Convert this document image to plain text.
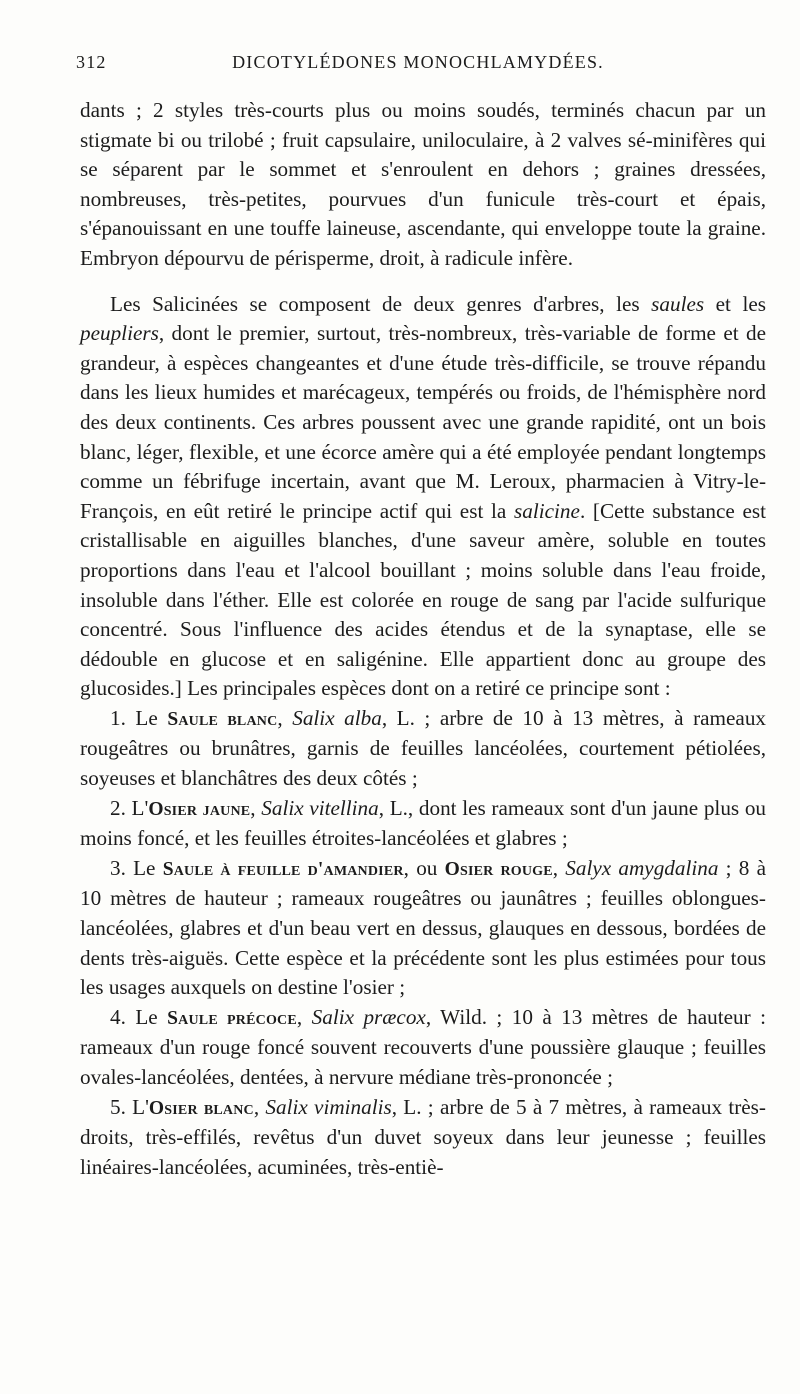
312	DICOTYLÉDONES MONOCHLAMYDÉES.

dants ; 2 styles très-courts plus ou moins soudés, terminés chacun par un stigmate bi ou trilobé ; fruit capsulaire, uniloculaire, à 2 valves sé-minifères qui se séparent par le sommet et s'enroulent en dehors ; graines dressées, nombreuses, très-petites, pourvues d'un funicule très-court et épais, s'épanouissant en une touffe laineuse, ascendante, qui enveloppe toute la graine. Embryon dépourvu de périsperme, droit, à radicule infère.

Les Salicinées se composent de deux genres d'arbres, les saules et les peupliers, dont le premier, surtout, très-nombreux, très-variable de forme et de grandeur, à espèces changeantes et d'une étude très-difficile, se trouve répandu dans les lieux humides et marécageux, tempérés ou froids, de l'hémisphère nord des deux continents. Ces arbres poussent avec une grande rapidité, ont un bois blanc, léger, flexible, et une écorce amère qui a été employée pendant longtemps comme un fébrifuge incertain, avant que M. Leroux, pharmacien à Vitry-le-François, en eût retiré le principe actif qui est la salicine. [Cette substance est cristallisable en aiguilles blanches, d'une saveur amère, soluble en toutes proportions dans l'eau et l'alcool bouillant ; moins soluble dans l'eau froide, insoluble dans l'éther. Elle est colorée en rouge de sang par l'acide sulfurique concentré. Sous l'influence des acides étendus et de la synaptase, elle se dédouble en glucose et en saligénine. Elle appartient donc au groupe des glucosides.] Les principales espèces dont on a retiré ce principe sont :

1. Le Saule blanc, Salix alba, L. ; arbre de 10 à 13 mètres, à rameaux rougeâtres ou brunâtres, garnis de feuilles lancéolées, courtement pétiolées, soyeuses et blanchâtres des deux côtés ;

2. L'Osier jaune, Salix vitellina, L., dont les rameaux sont d'un jaune plus ou moins foncé, et les feuilles étroites-lancéolées et glabres ;

3. Le Saule à feuille d'amandier, ou Osier rouge, Salyx amygdalina ; 8 à 10 mètres de hauteur ; rameaux rougeâtres ou jaunâtres ; feuilles oblongues-lancéolées, glabres et d'un beau vert en dessus, glauques en dessous, bordées de dents très-aiguës. Cette espèce et la précédente sont les plus estimées pour tous les usages auxquels on destine l'osier ;

4. Le Saule précoce, Salix præcox, Wild. ; 10 à 13 mètres de hauteur : rameaux d'un rouge foncé souvent recouverts d'une poussière glauque ; feuilles ovales-lancéolées, dentées, à nervure médiane très-prononcée ;

5. L'Osier blanc, Salix viminalis, L. ; arbre de 5 à 7 mètres, à rameaux très-droits, très-effilés, revêtus d'un duvet soyeux dans leur jeunesse ; feuilles linéaires-lancéolées, acuminées, très-entiè-
